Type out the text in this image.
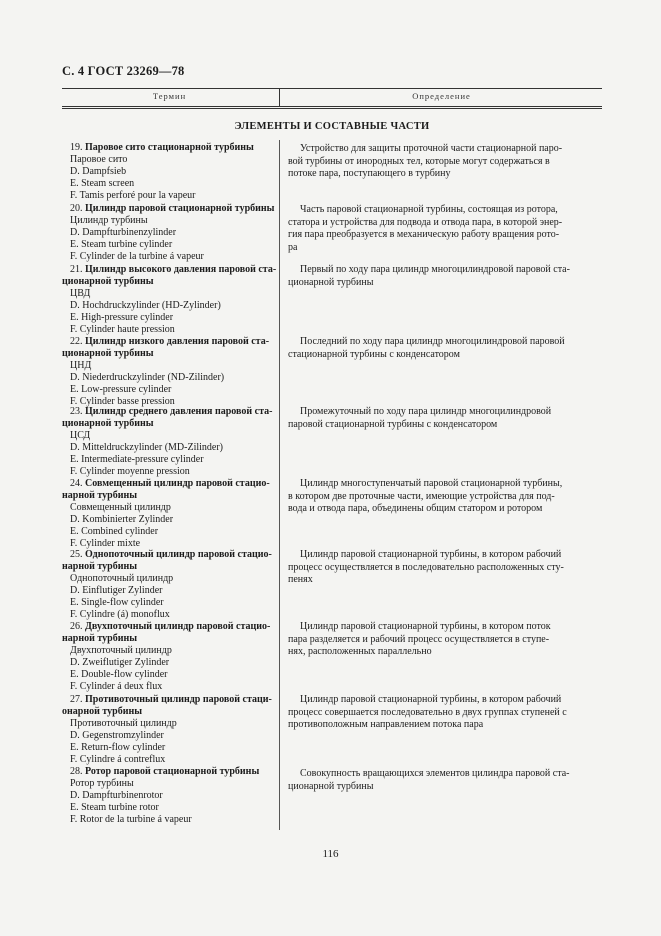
С. 4 ГОСТ 23269—78
Термин	Определение
ЭЛЕМЕНТЫ И СОСТАВНЫЕ ЧАСТИ
19. Паровое сито стационарной турбины
Паровое сито
D. Dampfsieb
E. Steam screen
F. Tamis perforé pour la vapeur
Устройство для защиты проточной части стационарной паро-
вой турбины от инородных тел, которые могут содержаться в
потоке пара, поступающего в турбину
20. Цилиндр паровой стационарной турбины
Цилиндр турбины
D. Dampfturbinenzylinder
E. Steam turbine cylinder
F. Cylinder de la turbine á vapeur
Часть паровой стационарной турбины, состоящая из ротора,
статора и устройства для подвода и отвода пара, в которой энер-
гия пара преобразуется в механическую работу вращения рото-
ра
21. Цилиндр высокого давления паровой ста-
ционарной турбины
ЦВД
D. Hochdruckzylinder (HD-Zylinder)
E. High-pressure cylinder
F. Cylinder haute pression
Первый по ходу пара цилиндр многоцилиндровой паровой ста-
ционарной турбины
22. Цилиндр низкого давления паровой ста-
ционарной турбины
ЦНД
D. Niederdruckzylinder (ND-Zilinder)
E. Low-pressure cylinder
F. Cylinder basse pression
Последний по ходу пара цилиндр многоцилиндровой паровой
стационарной турбины с конденсатором
23. Цилиндр среднего давления паровой ста-
ционарной турбины
ЦСД
D. Mitteldruckzylinder (MD-Zilinder)
E. Intermediate-pressure cylinder
F. Cylinder moyenne pression
Промежуточный по ходу пара цилиндр многоцилиндровой
паровой стационарной турбины с конденсатором
24. Совмещенный цилиндр паровой стацио-
нарной турбины
Совмещенный цилиндр
D. Kombinierter Zylinder
E. Combined cylinder
F. Cylinder mixte
Цилиндр многоступенчатый паровой стационарной турбины,
в котором две проточные части, имеющие устройства для под-
вода и отвода пара, объединены общим статором и ротором
25. Однопоточный цилиндр паровой стацио-
нарной турбины
Однопоточный цилиндр
D. Einflutiger Zylinder
E. Single-flow cylinder
F. Cylindre (á) monoflux
Цилиндр паровой стационарной турбины, в котором рабочий
процесс осуществляется в последовательно расположенных сту-
пенях
26. Двухпоточный цилиндр паровой стацио-
нарной турбины
Двухпоточный цилиндр
D. Zweiflutiger Zylinder
E. Double-flow cylinder
F. Cylinder á deux flux
Цилиндр паровой стационарной турбины, в котором поток
пара разделяется и рабочий процесс осуществляется в ступе-
нях, расположенных параллельно
27. Противоточный цилиндр паровой стаци-
онарной турбины
Противоточный цилиндр
D. Gegenstromzylinder
E. Return-flow cylinder
F. Cylindre á contreflux
Цилиндр паровой стационарной турбины, в котором рабочий
процесс совершается последовательно в двух группах ступеней с
противоположным направлением потока пара
28. Ротор паровой стационарной турбины
Ротор турбины
D. Dampfturbinenrotor
E. Steam turbine rotor
F. Rotor de la turbine á vapeur
Совокупность вращающихся элементов цилиндра паровой ста-
ционарной турбины
116
